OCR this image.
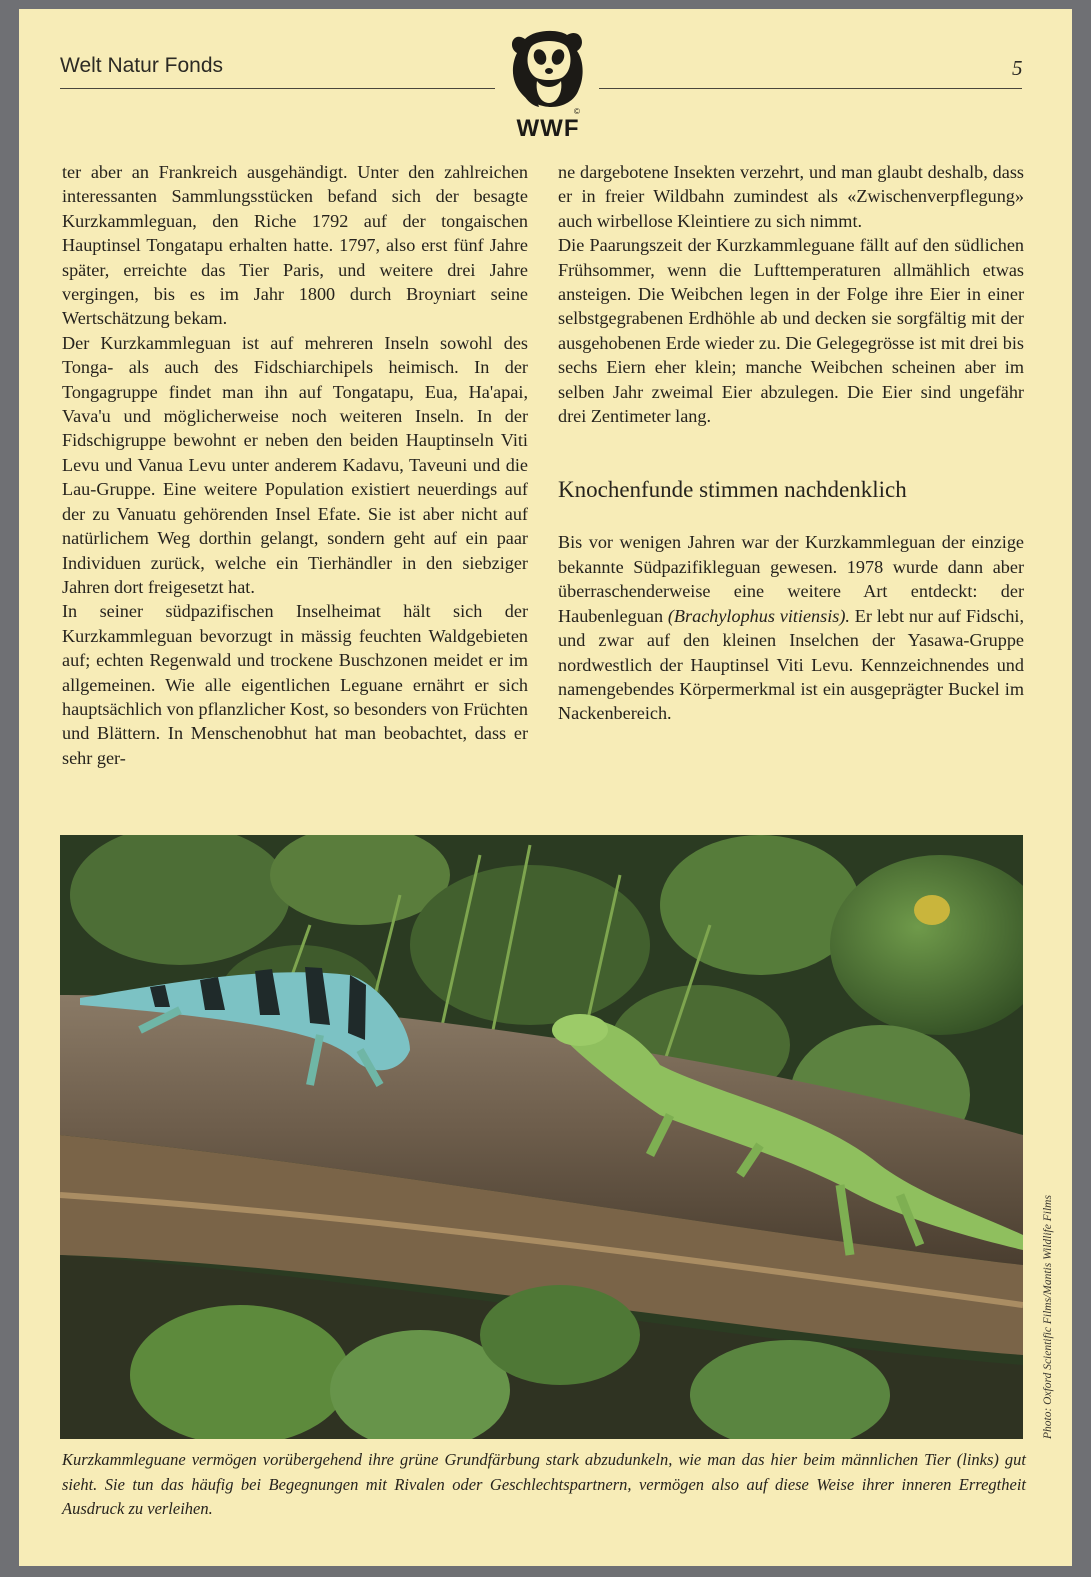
Welt Natur Fonds	5
©
WWF

ter aber an Frankreich ausgehändigt. Unter den zahlreichen interessanten Sammlungsstücken befand sich der besagte Kurzkammleguan, den Riche 1792 auf der tongaischen Hauptinsel Tongatapu erhalten hatte. 1797, also erst fünf Jahre später, erreichte das Tier Paris, und weitere drei Jahre vergingen, bis es im Jahr 1800 durch Broyniart seine Wertschätzung bekam.

Der Kurzkammleguan ist auf mehreren Inseln sowohl des Tonga- als auch des Fidschiarchipels heimisch. In der Tongagruppe findet man ihn auf Tongatapu, Eua, Ha'apai, Vava'u und möglicherweise noch weiteren Inseln. In der Fidschigruppe bewohnt er neben den beiden Hauptinseln Viti Levu und Vanua Levu unter anderem Kadavu, Taveuni und die Lau-Gruppe. Eine weitere Population existiert neuerdings auf der zu Vanuatu gehörenden Insel Efate. Sie ist aber nicht auf natürlichem Weg dorthin gelangt, sondern geht auf ein paar Individuen zurück, welche ein Tierhändler in den siebziger Jahren dort freigesetzt hat.

In seiner südpazifischen Inselheimat hält sich der Kurzkammleguan bevorzugt in mässig feuchten Waldgebieten auf; echten Regenwald und trockene Buschzonen meidet er im allgemeinen. Wie alle eigentlichen Leguane ernährt er sich hauptsächlich von pflanzlicher Kost, so besonders von Früchten und Blättern. In Menschenobhut hat man beobachtet, dass er sehr ger-

ne dargebotene Insekten verzehrt, und man glaubt deshalb, dass er in freier Wildbahn zumindest als «Zwischenverpflegung» auch wirbellose Kleintiere zu sich nimmt.

Die Paarungszeit der Kurzkammleguane fällt auf den südlichen Frühsommer, wenn die Lufttemperaturen allmählich etwas ansteigen. Die Weibchen legen in der Folge ihre Eier in einer selbstgegrabenen Erdhöhle ab und decken sie sorgfältig mit der ausgehobenen Erde wieder zu. Die Gelegegrösse ist mit drei bis sechs Eiern eher klein; manche Weibchen scheinen aber im selben Jahr zweimal Eier abzulegen. Die Eier sind ungefähr drei Zentimeter lang.

Knochenfunde stimmen nachdenklich

Bis vor wenigen Jahren war der Kurzkammleguan der einzige bekannte Südpazifikleguan gewesen. 1978 wurde dann aber überraschenderweise eine weitere Art entdeckt: der Haubenleguan (Brachylophus vitiensis). Er lebt nur auf Fidschi, und zwar auf den kleinen Inselchen der Yasawa-Gruppe nordwestlich der Hauptinsel Viti Levu. Kennzeichnendes und namengebendes Körpermerkmal ist ein ausgeprägter Buckel im Nackenbereich.

Photo: Oxford Scientific Films/Mantis Wildlife Films
Kurzkammleguane vermögen vorübergehend ihre grüne Grundfärbung stark abzudunkeln, wie man das hier beim männlichen Tier (links) gut sieht. Sie tun das häufig bei Begegnungen mit Rivalen oder Geschlechtspartnern, vermögen also auf diese Weise ihrer inneren Erregtheit Ausdruck zu verleihen.
